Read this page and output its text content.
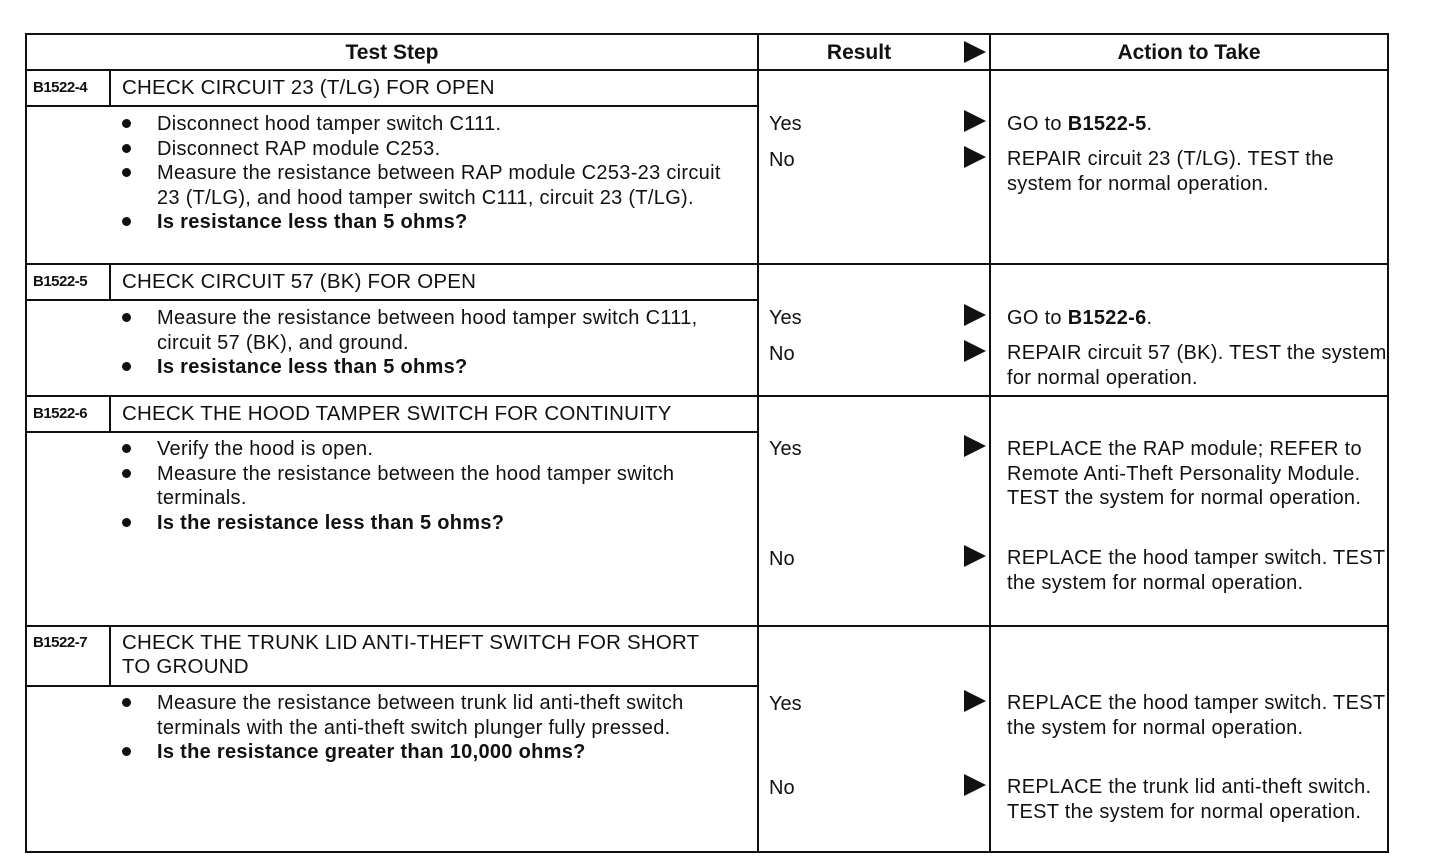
Test Step	Result	Action to Take
B1522-4 CHECK CIRCUIT 23 (T/LG) FOR OPEN
Disconnect hood tamper switch C111.
Disconnect RAP module C253.
Measure the resistance between RAP module C253-23 circuit 23 (T/LG), and hood tamper switch C111, circuit 23 (T/LG).
Is resistance less than 5 ohms?
Yes	GO to B1522-5.
No	REPAIR circuit 23 (T/LG). TEST the system for normal operation.
B1522-5 CHECK CIRCUIT 57 (BK) FOR OPEN
Measure the resistance between hood tamper switch C111, circuit 57 (BK), and ground.
Is resistance less than 5 ohms?
Yes	GO to B1522-6.
No	REPAIR circuit 57 (BK). TEST the system for normal operation.
B1522-6 CHECK THE HOOD TAMPER SWITCH FOR CONTINUITY
Verify the hood is open.
Measure the resistance between the hood tamper switch terminals.
Is the resistance less than 5 ohms?
Yes	REPLACE the RAP module; REFER to Remote Anti-Theft Personality Module. TEST the system for normal operation.
No	REPLACE the hood tamper switch. TEST the system for normal operation.
B1522-7 CHECK THE TRUNK LID ANTI-THEFT SWITCH FOR SHORT TO GROUND
Measure the resistance between trunk lid anti-theft switch terminals with the anti-theft switch plunger fully pressed.
Is the resistance greater than 10,000 ohms?
Yes	REPLACE the hood tamper switch. TEST the system for normal operation.
No	REPLACE the trunk lid anti-theft switch. TEST the system for normal operation.
